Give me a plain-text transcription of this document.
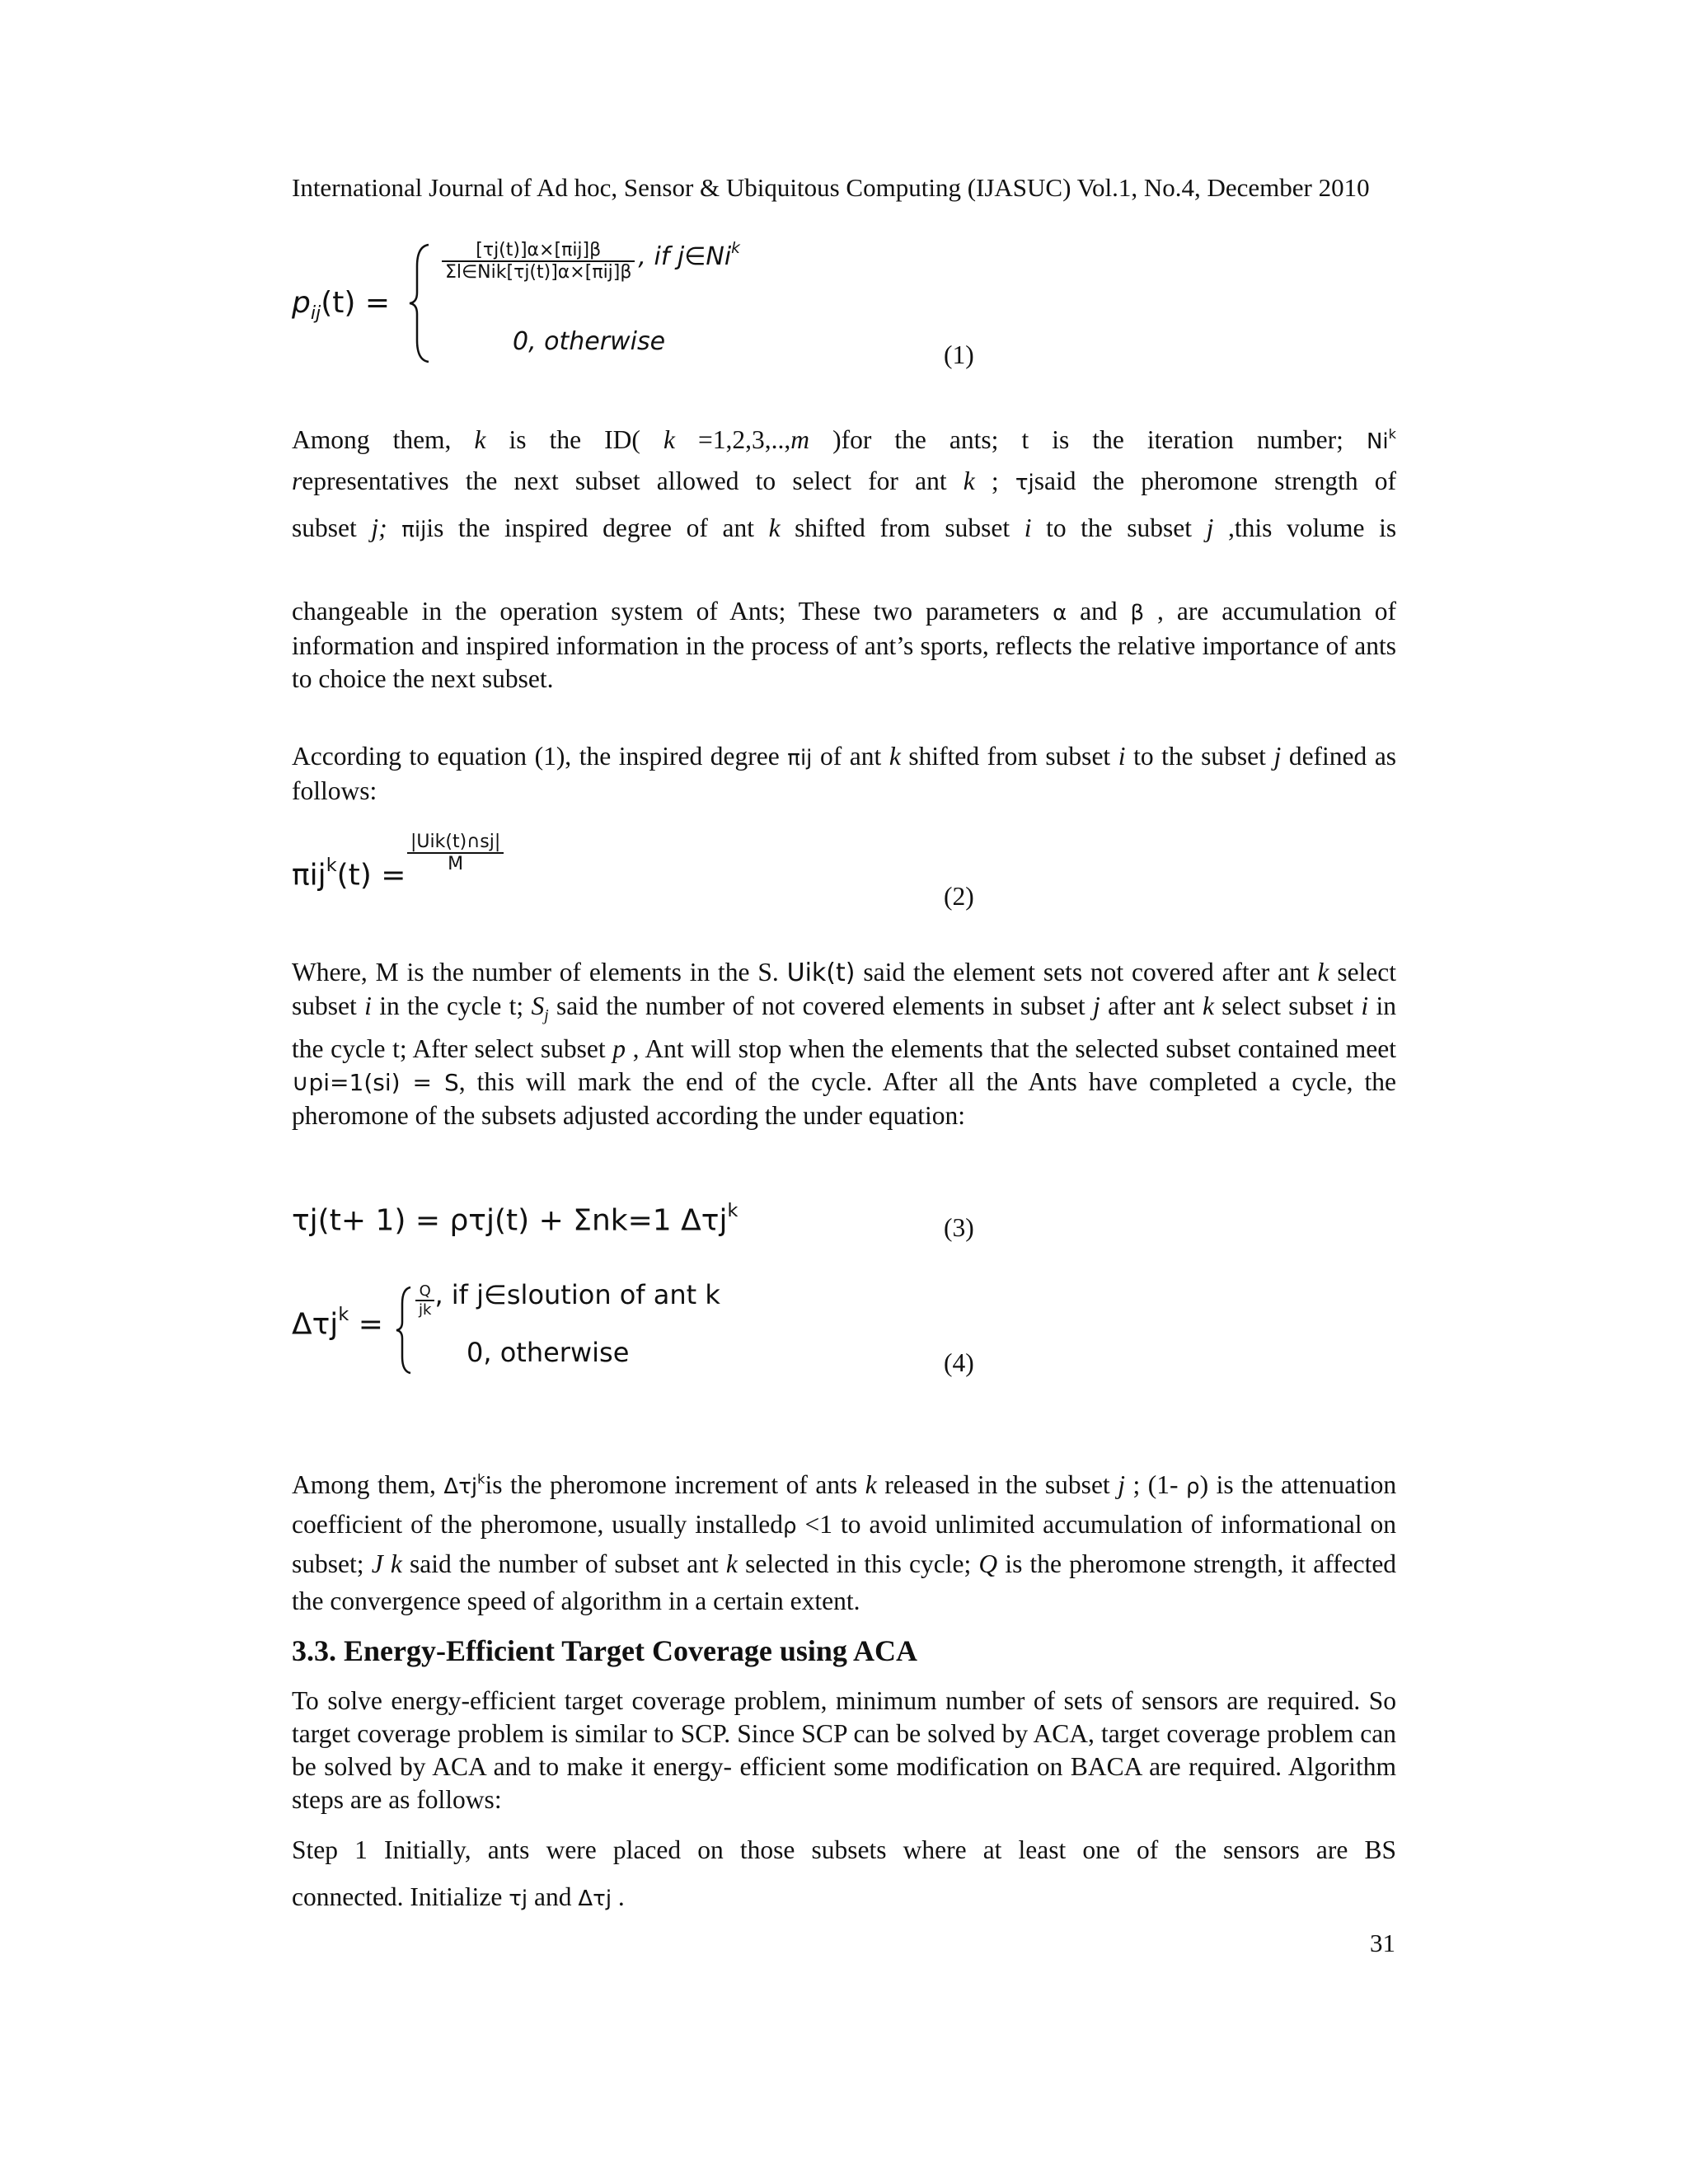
International Journal of Ad hoc, Sensor & Ubiquitous Computing (IJASUC) Vol.1, No.4, December 2010
$p_{ij}(t)$ =
$\frac{\text{[τj(t)]α×[πij]β}}{\text{Σl∈Nik[τj(t)]α×[πij]β}}$ , if j∈Ni$^k$
0, otherwise	(1)
Among them, k is the ID( k =1,2,3,..,m )for the ants; t is the iteration number; Ni$^k$
representatives the next subset allowed to select for ant k ; τjsaid the pheromone strength of
subset j; πijis the inspired degree of ant k shifted from subset i to the subset j ,this volume is
changeable in the operation system of Ants; These two parameters α and β , are accumulation of information and inspired information in the process of ant’s sports, reflects the relative importance of ants to choice the next subset.
According to equation (1), the inspired degree πij of ant k shifted from subset i to the subset j defined as follows:
πij$^k$(t) =
|Uik(t)∩sj|
M
(2)
Where, M is the number of elements in the S. Uik(t) said the element sets not covered after ant k select subset i in the cycle t; $S_j$ said the number of not covered elements in subset j after ant k select subset i in the cycle t; After select subset p , Ant will stop when the elements that the selected subset contained meet ∪pi=1(si) = S, this will mark the end of the cycle. After all the Ants have completed a cycle, the pheromone of the subsets adjusted according the under equation:
τj(t+ 1) = ρτj(t) + Σnk=1 Δτj$^k$
(3)
Δτj$^k$ =
$\frac{Q}{jk}$ , if j∈sloution of ant k
0, otherwise	(4)
Among them, Δτj$^k$is the pheromone increment of ants k released in the subset j ; (1- ρ) is the attenuation coefficient of the pheromone, usually installedρ <1 to avoid unlimited accumulation of informational on subset; J k said the number of subset ant k selected in this cycle; Q is the pheromone strength, it affected the convergence speed of algorithm in a certain extent.
3.3. Energy-Efficient Target Coverage using ACA
To solve energy-efficient target coverage problem, minimum number of sets of sensors are required. So target coverage problem is similar to SCP. Since SCP can be solved by ACA, target coverage problem can be solved by ACA and to make it energy- efficient some modification on BACA are required. Algorithm steps are as follows:
Step 1 Initially, ants were placed on those subsets where at least one of the sensors are BS
connected. Initialize τj and Δτj .
31
